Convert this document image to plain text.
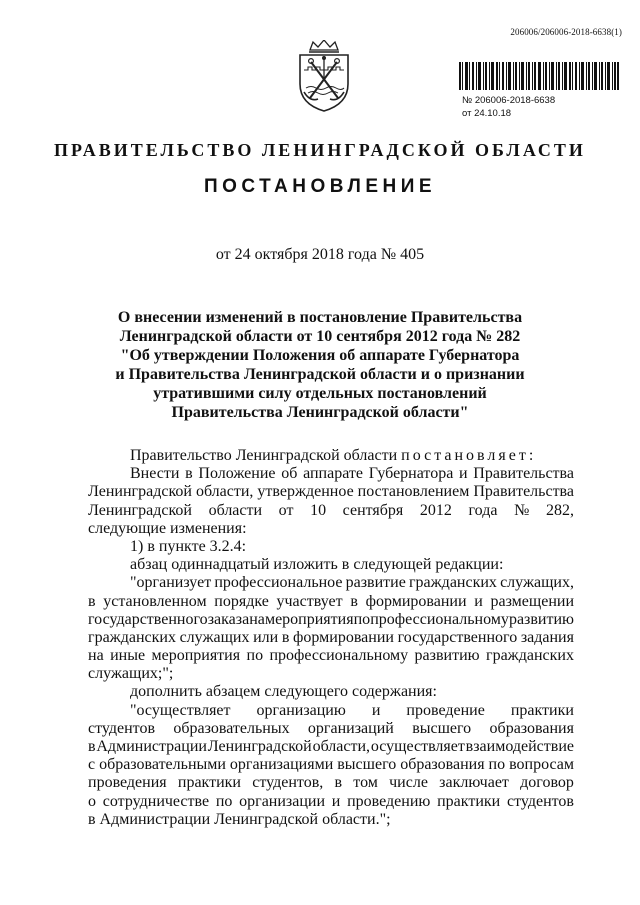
206006/206006-2018-6638(1)
№ 206006-2018-6638
от 24.10.18
ПРАВИТЕЛЬСТВО ЛЕНИНГРАДСКОЙ ОБЛАСТИ
ПОСТАНОВЛЕНИЕ
от 24 октября 2018 года № 405
О внесении изменений в постановление Правительства
Ленинградской области от 10 сентября 2012 года № 282
"Об утверждении Положения об аппарате Губернатора
и Правительства Ленинградской области и о признании
утратившими силу отдельных постановлений
Правительства Ленинградской области"
Правительство Ленинградской области постановляет:
Внести в Положение об аппарате Губернатора и Правительства
Ленинградской области, утвержденное постановлением Правительства
Ленинградской области от 10 сентября 2012 года № 282,
следующие изменения:
1) в пункте 3.2.4:
абзац одиннадцатый изложить в следующей редакции:
"организует профессиональное развитие гражданских служащих,
в установленном порядке участвует в формировании и размещении
государственного заказа на мероприятия по профессиональному развитию
гражданских служащих или в формировании государственного задания
на иные мероприятия по профессиональному развитию гражданских
служащих;";
дополнить абзацем следующего содержания:
"осуществляет организацию и проведение практики
студентов образовательных организаций высшего образования
в Администрации Ленинградской области, осуществляет взаимодействие
с образовательными организациями высшего образования по вопросам
проведения практики студентов, в том числе заключает договор
о сотрудничестве по организации и проведению практики студентов
в Администрации Ленинградской области.";
